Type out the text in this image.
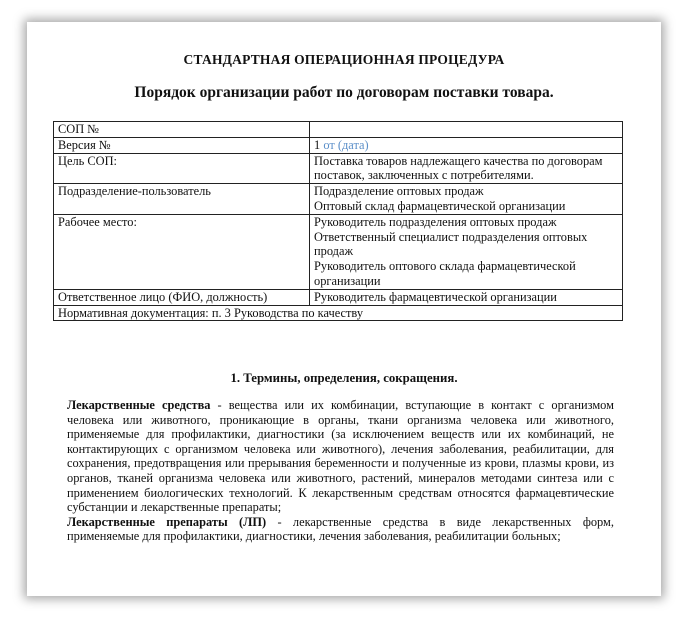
СТАНДАРТНАЯ ОПЕРАЦИОННАЯ ПРОЦЕДУРА
Порядок организации работ по договорам поставки товара.
СОП №	
Версия №	1 от (дата)
Цель СОП:	Поставка товаров надлежащего качества по договорам поставок, заключенных с потребителями.
Подразделение-пользователь	Подразделение оптовых продаж
Оптовый склад фармацевтической организации

Рабочее место:	Руководитель подразделения оптовых продаж
Ответственный специалист подразделения оптовых продаж
Руководитель оптового склада фармацевтической организации

Ответственное лицо (ФИО, должность)	Руководитель фармацевтической организации
Нормативная документация: п. 3 Руководства по качеству	
1. Термины, определения, сокращения.

Лекарственные средства - вещества или их комбинации, вступающие в контакт с организмом человека или животного, проникающие в органы, ткани организма человека или животного, применяемые для профилактики, диагностики (за исключением веществ или их комбинаций, не контактирующих с организмом человека или животного), лечения заболевания, реабилитации, для сохранения, предотвращения или прерывания беременности и полученные из крови, плазмы крови, из органов, тканей организма человека или животного, растений, минералов методами синтеза или с применением биологических технологий. К лекарственным средствам относятся фармацевтические субстанции и лекарственные препараты;

Лекарственные препараты (ЛП) - лекарственные средства в виде лекарственных форм, применяемые для профилактики, диагностики, лечения заболевания, реабилитации больных;
